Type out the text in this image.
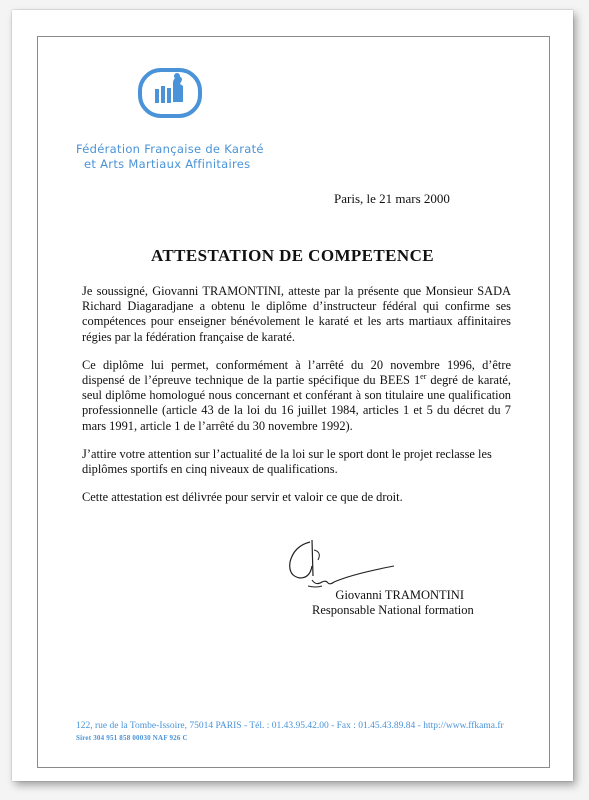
Fédération Française de Karaté
et Arts Martiaux Affinitaires
Paris, le 21 mars 2000
ATTESTATION DE COMPETENCE

Je soussigné, Giovanni TRAMONTINI, atteste par la présente que Monsieur SADA Richard Diagaradjane a obtenu le diplôme d’instructeur fédéral qui confirme ses compétences pour enseigner bénévolement le karaté et les arts martiaux affinitaires régies par la fédération française de karaté.

Ce diplôme lui permet, conformément à l’arrêté du 20 novembre 1996, d’être dispensé de l’épreuve technique de la partie spécifique du BEES 1er degré de karaté, seul diplôme homologué nous concernant et conférant à son titulaire une qualification professionnelle (article 43 de la loi du 16 juillet 1984, articles 1 et 5 du décret du 7 mars 1991, article 1 de l’arrêté du 30 novembre 1992).

J’attire votre attention sur l’actualité de la loi sur le sport dont le projet reclasse les diplômes sportifs en cinq niveaux de qualifications.

Cette attestation est délivrée pour servir et valoir ce que de droit.

Giovanni TRAMONTINI
Responsable National formation
122, rue de la Tombe-Issoire, 75014 PARIS - Tél. : 01.43.95.42.00 - Fax : 01.45.43.89.84 - http://www.ffkama.fr
Siret 304 951 858 00030 NAF 926 C
